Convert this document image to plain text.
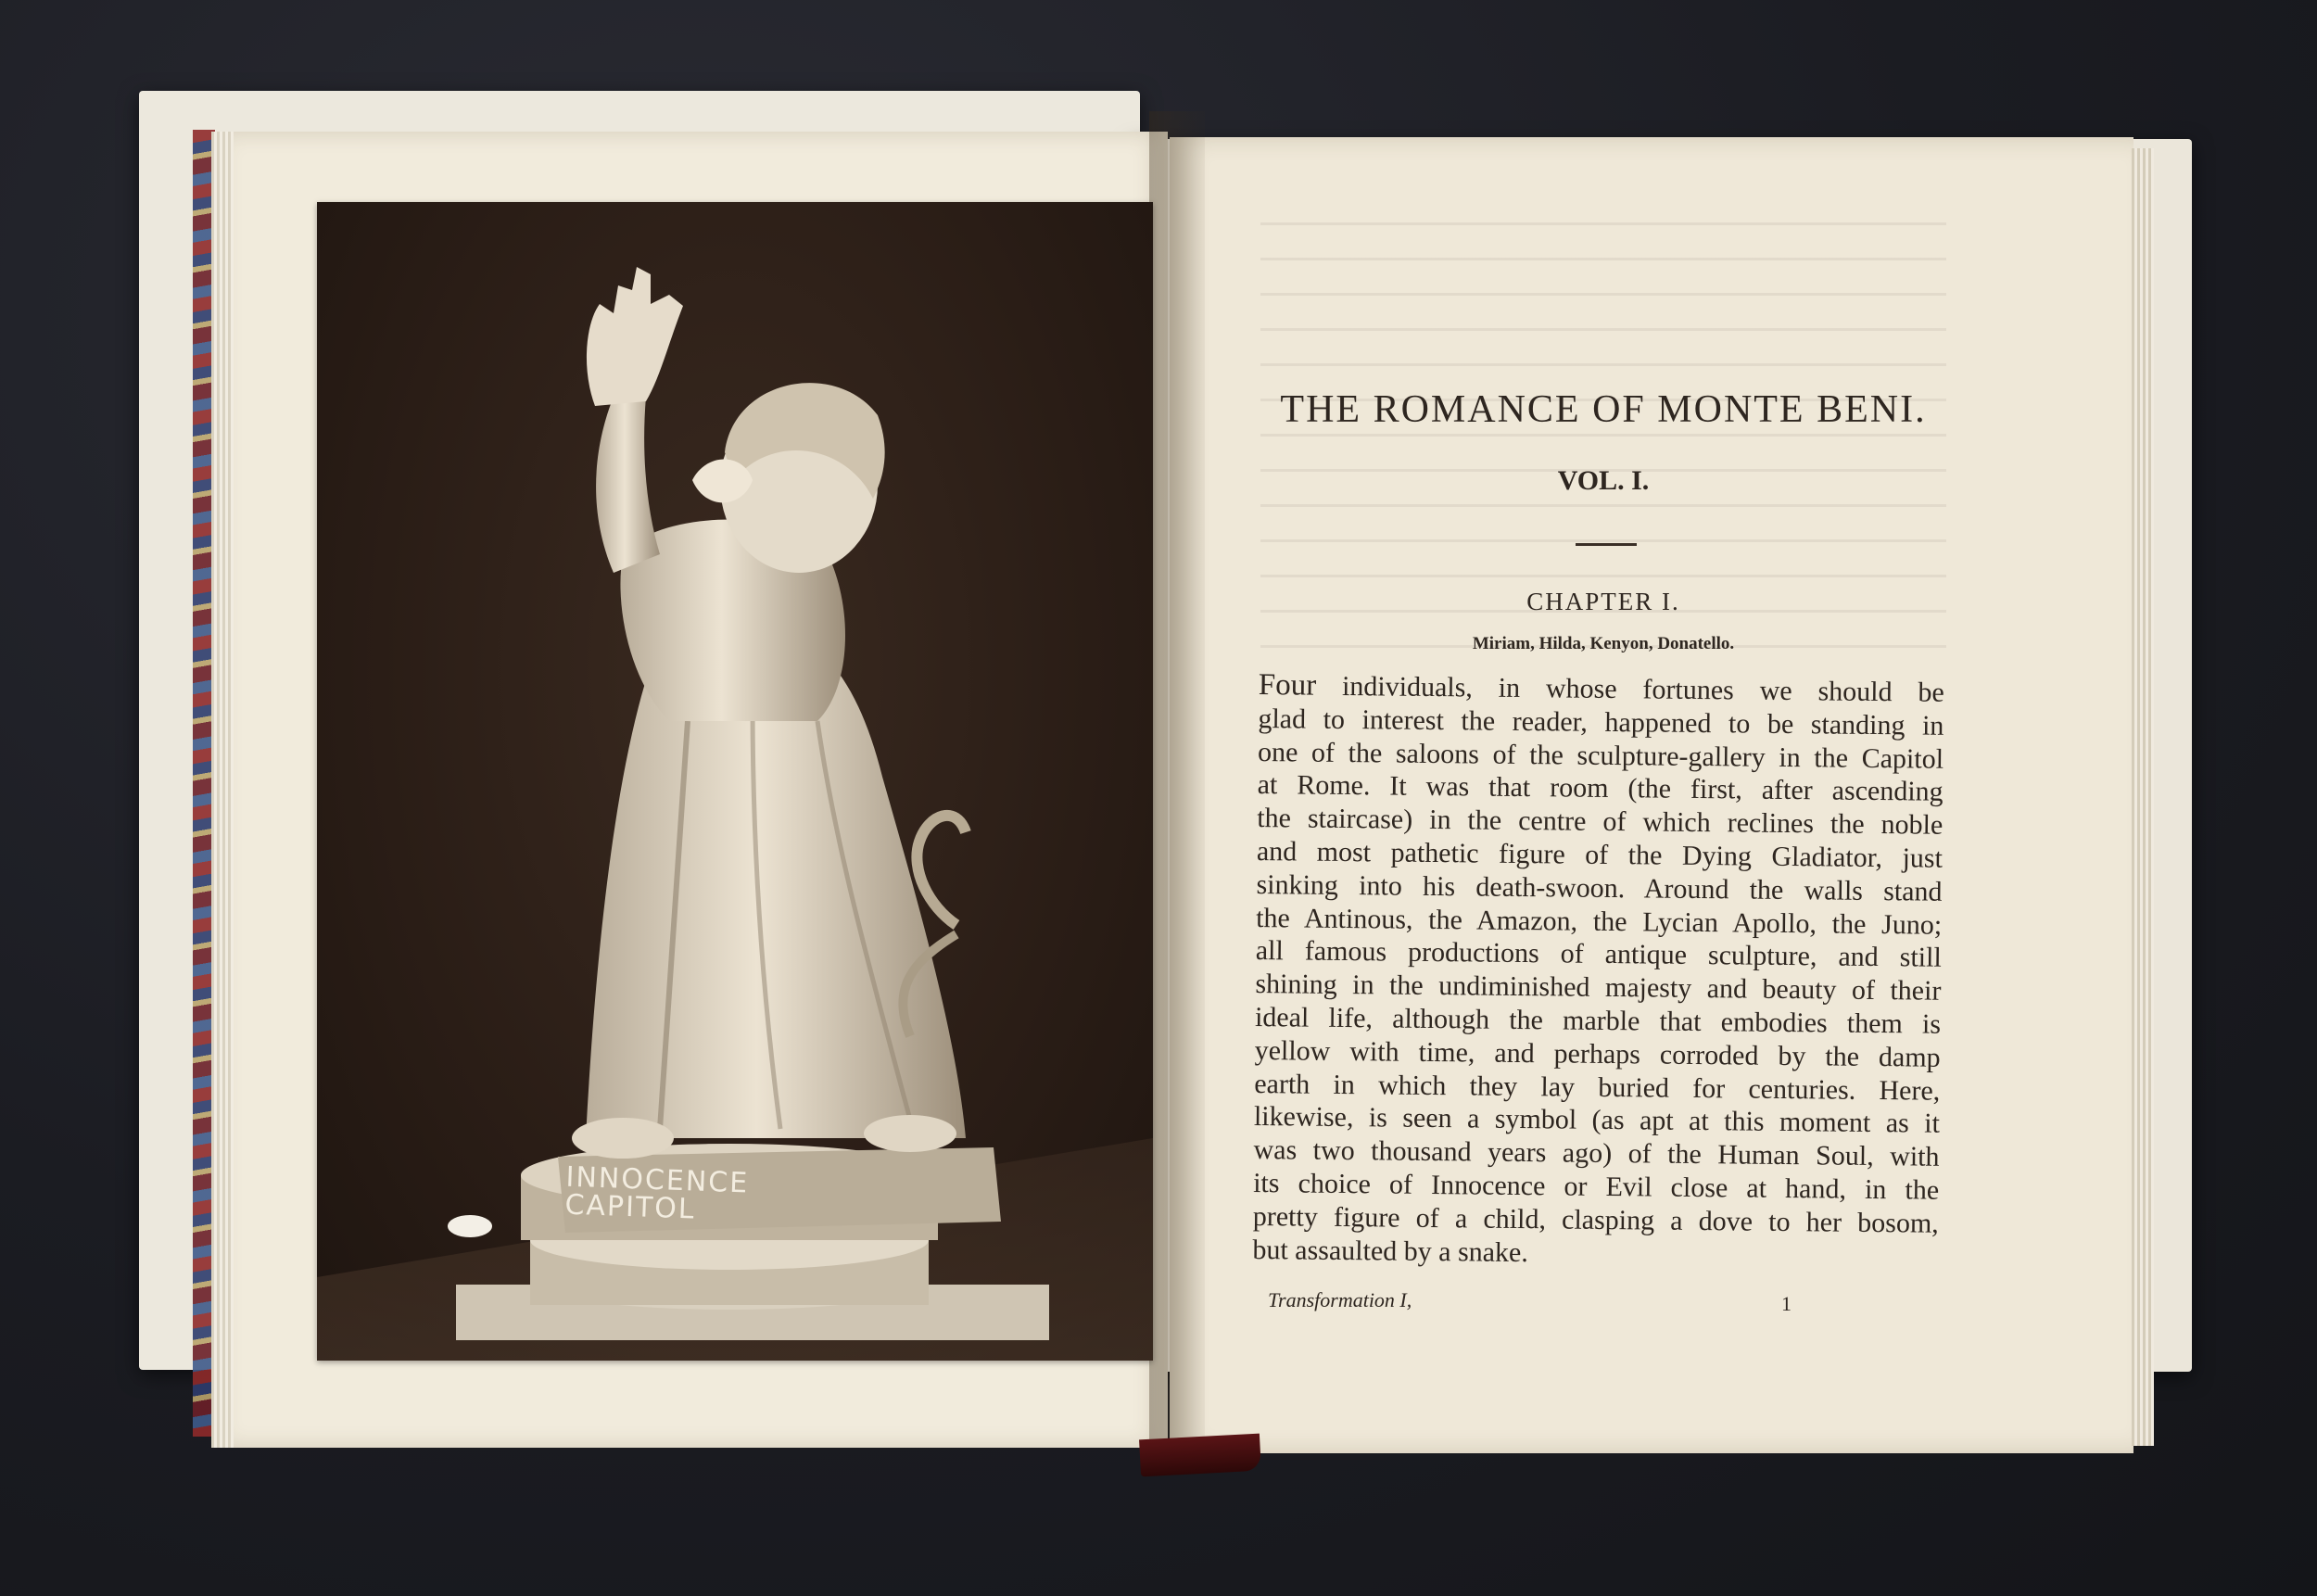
INNOCENCE
CAPITOL
THE ROMANCE OF MONTE BENI.
VOL. I.
CHAPTER I.
Miriam, Hilda, Kenyon, Donatello.
Four individuals, in whose fortunes we should be
glad to interest the reader, happened to be standing in
one of the saloons of the sculpture-gallery in the Capitol
at Rome. It was that room (the first, after ascending
the staircase) in the centre of which reclines the noble
and most pathetic figure of the Dying Gladiator, just
sinking into his death-swoon. Around the walls stand
the Antinous, the Amazon, the Lycian Apollo, the Juno;
all famous productions of antique sculpture, and still
shining in the undiminished majesty and beauty of their
ideal life, although the marble that embodies them is
yellow with time, and perhaps corroded by the damp
earth in which they lay buried for centuries. Here,
likewise, is seen a symbol (as apt at this moment as it
was two thousand years ago) of the Human Soul, with
its choice of Innocence or Evil close at hand, in the
pretty figure of a child, clasping a dove to her bosom,
but assaulted by a snake.
Transformation I,	1
